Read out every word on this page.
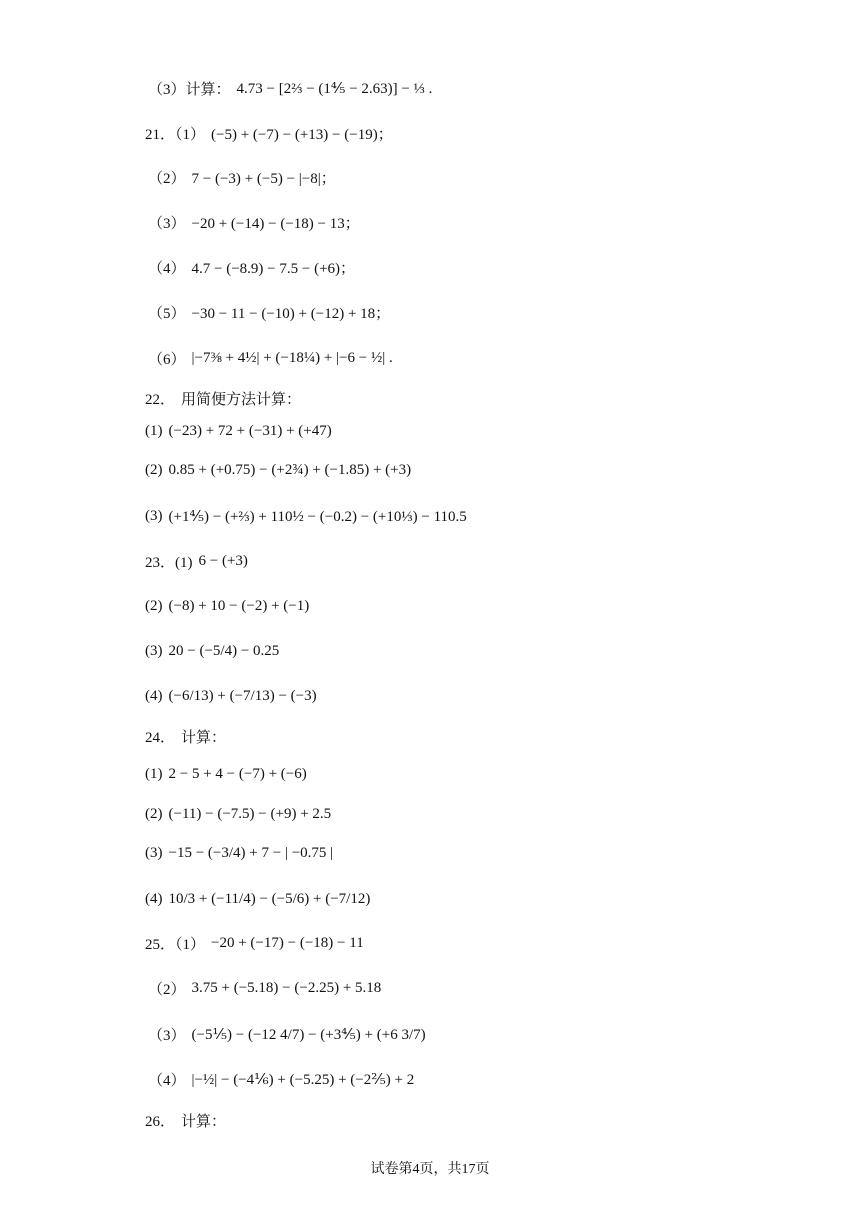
（3）计算： 4.73 − [2⅔ − (1⅘ − 2.63)] − ⅓ .
21．（1） (−5) + (−7) − (+13) − (−19)；
（2） 7 − (−3) + (−5) − |−8|；
（3） −20 + (−14) − (−18) − 13；
（4） 4.7 − (−8.9) − 7.5 − (+6)；
（5） −30 − 11 − (−10) + (−12) + 18；
（6） |−7⅜ + 4½| + (−18¼) + |−6 − ½| .
22． 用简便方法计算：
(1) (−23) + 72 + (−31) + (+47)
(2) 0.85 + (+0.75) − (+2¾) + (−1.85) + (+3)
(3) (+1⅘) − (+⅔) + 110½ − (−0.2) − (+10⅓) − 110.5
23．(1) 6 − (+3)
(2) (−8) + 10 − (−2) + (−1)
(3) 20 − (−5/4) − 0.25
(4) (−6/13) + (−7/13) − (−3)
24． 计算：
(1) 2 − 5 + 4 − (−7) + (−6)
(2) (−11) − (−7.5) − (+9) + 2.5
(3) −15 − (−3/4) + 7 − | −0.75 |
(4) 10/3 + (−11/4) − (−5/6) + (−7/12)
25．（1） −20 + (−17) − (−18) − 11
（2） 3.75 + (−5.18) − (−2.25) + 5.18
（3） (−5⅕) − (−12 4/7) − (+3⅘) + (+6 3/7)
（4） |−½| − (−4⅙) + (−5.25) + (−2⅖) + 2
26． 计算：
试卷第4页，共17页
